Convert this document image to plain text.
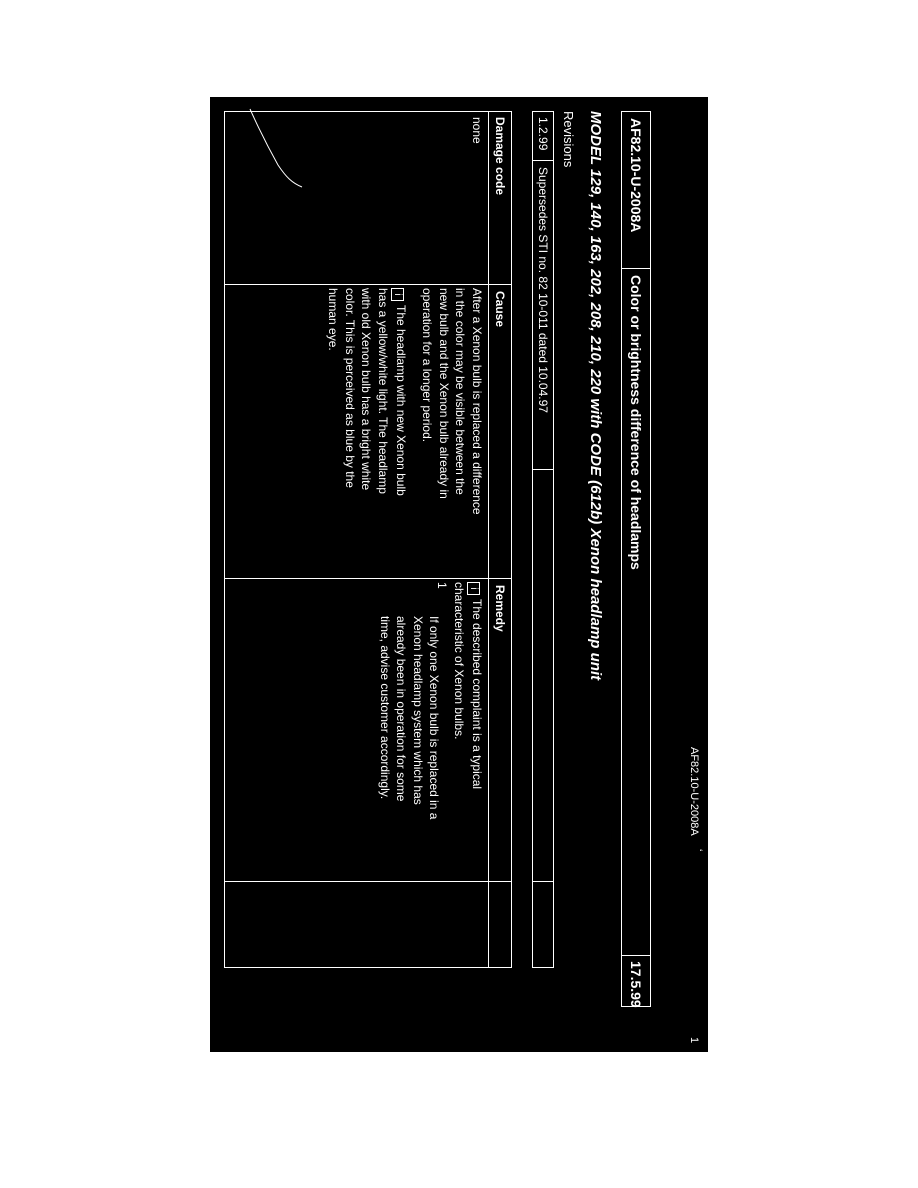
AF82.10-U-2008A
‘
1
AF82.10-U-2008A
Color or brightness difference of headlamps
17.5.99
MODEL 129, 140, 163, 202, 208, 210, 220 with CODE (612b) Xenon headlamp unit
Revisions
1.2.99
Supersedes STI no. 82 10-011 dated 10.04.97
Damage code
Cause
Remedy
none
After a Xenon bulb is replaced a difference
in the color may be visible between the
new bulb and the Xenon bulb already in
operation for a longer period.
iThe headlamp with new Xenon bulb
has a yellow/white light. The headlamp
with old Xenon bulb has a bright white
color. This is perceived as blue by the
human eye.
iThe described complaint is a typical
characteristic of Xenon bulbs.
1
If only one Xenon bulb is replaced in a
Xenon headlamp system which has
already been in operation for some
time, advise customer accordingly.
